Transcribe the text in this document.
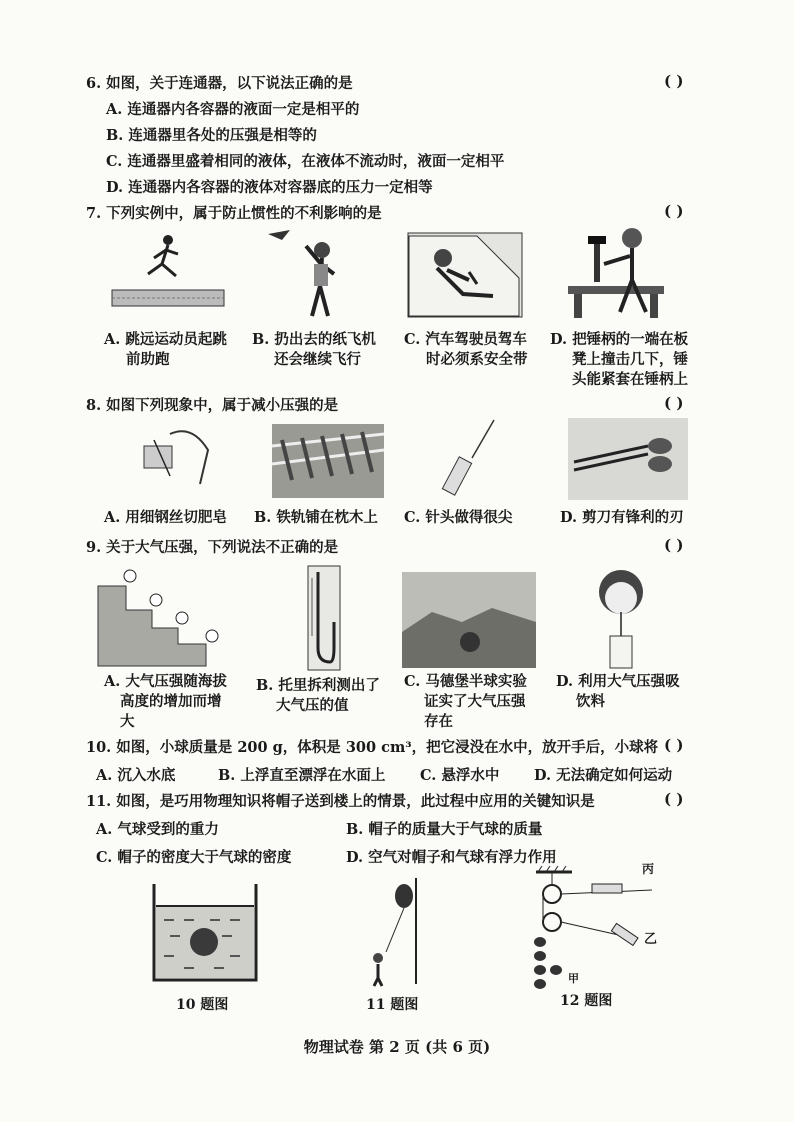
6. 如图，关于连通器，以下说法正确的是	( )
A. 连通器内各容器的液面一定是相平的
B. 连通器里各处的压强是相等的
C. 连通器里盛着相同的液体，在液体不流动时，液面一定相平
D. 连通器内各容器的液体对容器底的压力一定相等
7. 下列实例中，属于防止惯性的不利影响的是	( )
A. 跳远运动员起跳
前助跑
B. 扔出去的纸飞机
还会继续飞行
C. 汽车驾驶员驾车
时必须系安全带
D. 把锤柄的一端在板
凳上撞击几下，锤
头能紧套在锤柄上
8. 如图下列现象中，属于减小压强的是	( )
A. 用细钢丝切肥皂 B. 铁轨铺在枕木上 C. 针头做得很尖	D. 剪刀有锋利的刃
9. 关于大气压强，下列说法不正确的是	( )
A. 大气压强随海拔
高度的增加而增
大
B. 托里拆利测出了
大气压的值
C. 马德堡半球实验
证实了大气压强
存在
D. 利用大气压强吸
饮料
10. 如图，小球质量是 200 g，体积是 300 cm³，把它浸没在水中，放开手后，小球将 ( )
A. 沉入水底	B. 上浮直至漂浮在水面上 C. 悬浮水中 D. 无法确定如何运动
11. 如图，是巧用物理知识将帽子送到楼上的情景，此过程中应用的关键知识是	( )
A. 气球受到的重力	B. 帽子的质量大于气球的质量
C. 帽子的密度大于气球的密度	D. 空气对帽子和气球有浮力作用
丙
乙
甲
10 题图	11 题图	12 题图
物理试卷 第 2 页 (共 6 页)
